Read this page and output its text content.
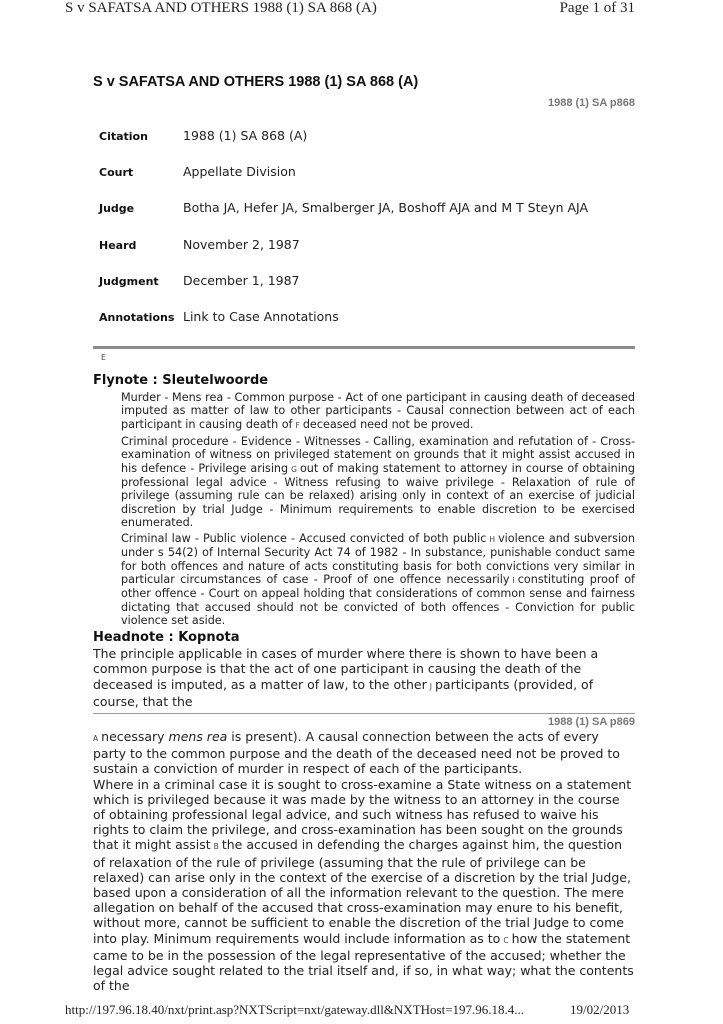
S v SAFATSA AND OTHERS 1988 (1) SA 868 (A)	Page 1 of 31
S v SAFATSA AND OTHERS 1988 (1) SA 868 (A)
1988 (1) SA p868
Citation	1988 (1) SA 868 (A)
Court	Appellate Division
Judge	Botha JA, Hefer JA, Smalberger JA, Boshoff AJA and M T Steyn AJA
Heard	November 2, 1987
Judgment	December 1, 1987
Annotations Link to Case Annotations
E
Flynote : Sleutelwoorde

Murder - Mens rea - Common purpose - Act of one participant in causing death of deceased imputed as matter of law to other participants - Causal connection between act of each participant in causing death of F deceased need not be proved.

Criminal procedure - Evidence - Witnesses - Calling, examination and refutation of - Cross-examination of witness on privileged statement on grounds that it might assist accused in his defence - Privilege arising G out of making statement to attorney in course of obtaining professional legal advice - Witness refusing to waive privilege - Relaxation of rule of privilege (assuming rule can be relaxed) arising only in context of an exercise of judicial discretion by trial Judge - Minimum requirements to enable discretion to be exercised enumerated.

Criminal law - Public violence - Accused convicted of both public H violence and subversion under s 54(2) of Internal Security Act 74 of 1982 - In substance, punishable conduct same for both offences and nature of acts constituting basis for both convictions very similar in particular circumstances of case - Proof of one offence necessarily I constituting proof of other offence - Court on appeal holding that considerations of common sense and fairness dictating that accused should not be convicted of both offences - Conviction for public violence set aside.

Headnote : Kopnota

The principle applicable in cases of murder where there is shown to have been a common purpose is that the act of one participant in causing the death of the deceased is imputed, as a matter of law, to the other J participants (provided, of course, that the

1988 (1) SA p869

A necessary mens rea is present). A causal connection between the acts of every party to the common purpose and the death of the deceased need not be proved to sustain a conviction of murder in respect of each of the participants.

Where in a criminal case it is sought to cross-examine a State witness on a statement which is privileged because it was made by the witness to an attorney in the course of obtaining professional legal advice, and such witness has refused to waive his rights to claim the privilege, and cross-examination has been sought on the grounds that it might assist B the accused in defending the charges against him, the question of relaxation of the rule of privilege (assuming that the rule of privilege can be relaxed) can arise only in the context of the exercise of a discretion by the trial Judge, based upon a consideration of all the information relevant to the question. The mere allegation on behalf of the accused that cross-examination may enure to his benefit, without more, cannot be sufficient to enable the discretion of the trial Judge to come into play. Minimum requirements would include information as to C how the statement came to be in the possession of the legal representative of the accused; whether the legal advice sought related to the trial itself and, if so, in what way; what the contents of the

http://197.96.18.40/nxt/print.asp?NXTScript=nxt/gateway.dll&NXTHost=197.96.18.4...	19/02/2013
